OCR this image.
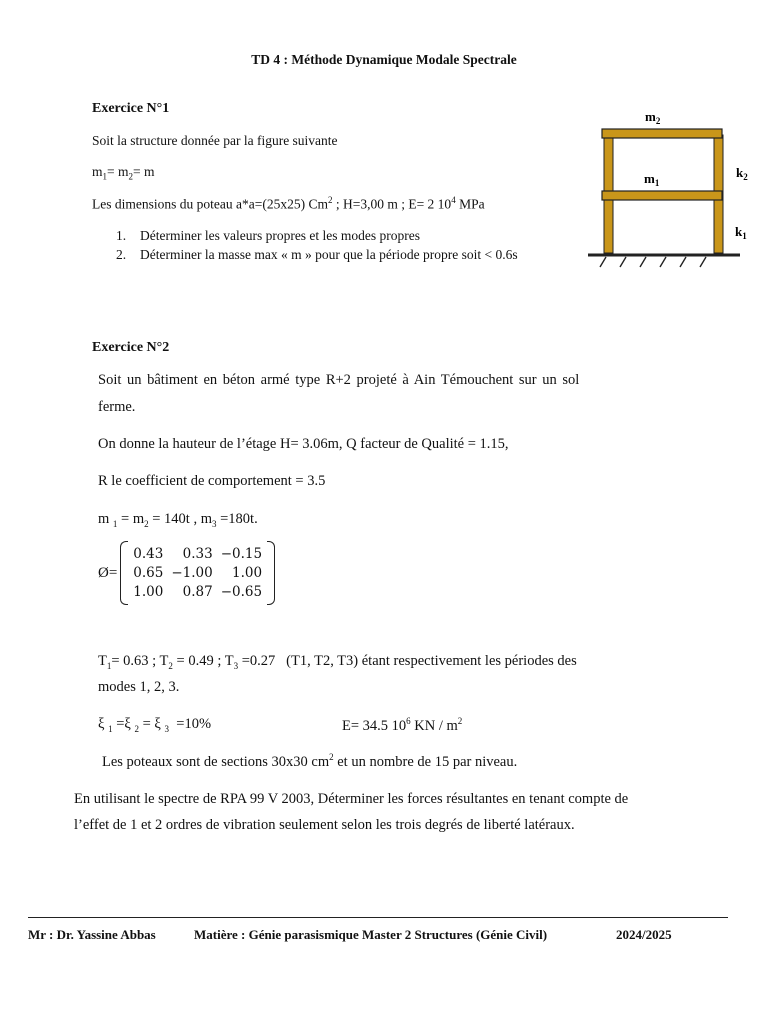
TD 4 : Méthode Dynamique Modale Spectrale
Exercice N°1
Soit la structure donnée par la figure suivante
$m_1= m_2= m$
Les dimensions du poteau a*a=(25x25) Cm$^2$ ; H=3,00 m ; E= 2 $10^4$ MPa
1. Déterminer les valeurs propres et les modes propres
2. Déterminer la masse max « m » pour que la période propre soit < 0.6s
$m_2$
$m_1$
$k_2$
$k_1$
Exercice N°2
Soit un bâtiment en béton armé type R+2 projeté à Ain Témouchent sur un sol
ferme.
On donne la hauteur de l’étage H= 3.06m, Q facteur de Qualité = 1.15,
R le coefficient de comportement = 3.5
m $_1 = m_2 = 140t$ , $m_3 =180t$.
Ø=
0.43	0.33	−0.15
0.65	−1.00	1.00
1.00	0.87	−0.65
$T_1= 0.63$ ; $T_2 = 0.49$ ; $T_3 =0.27$   (T1, T2, T3) étant respectivement les périodes des
modes 1, 2, 3.
ξ $_1$ =ξ $_2$ = ξ $_3$  =10%	E= 34.5 $10^6$ KN / $m^2$
Les poteaux sont de sections 30x30 $cm^2$ et un nombre de 15 par niveau.
En utilisant le spectre de RPA 99 V 2003, Déterminer les forces résultantes en tenant compte de
l’effet de 1 et 2 ordres de vibration seulement selon les trois degrés de liberté latéraux.
Mr : Dr. Yassine Abbas	Matière : Génie parasismique Master 2 Structures (Génie Civil)	2024/2025
